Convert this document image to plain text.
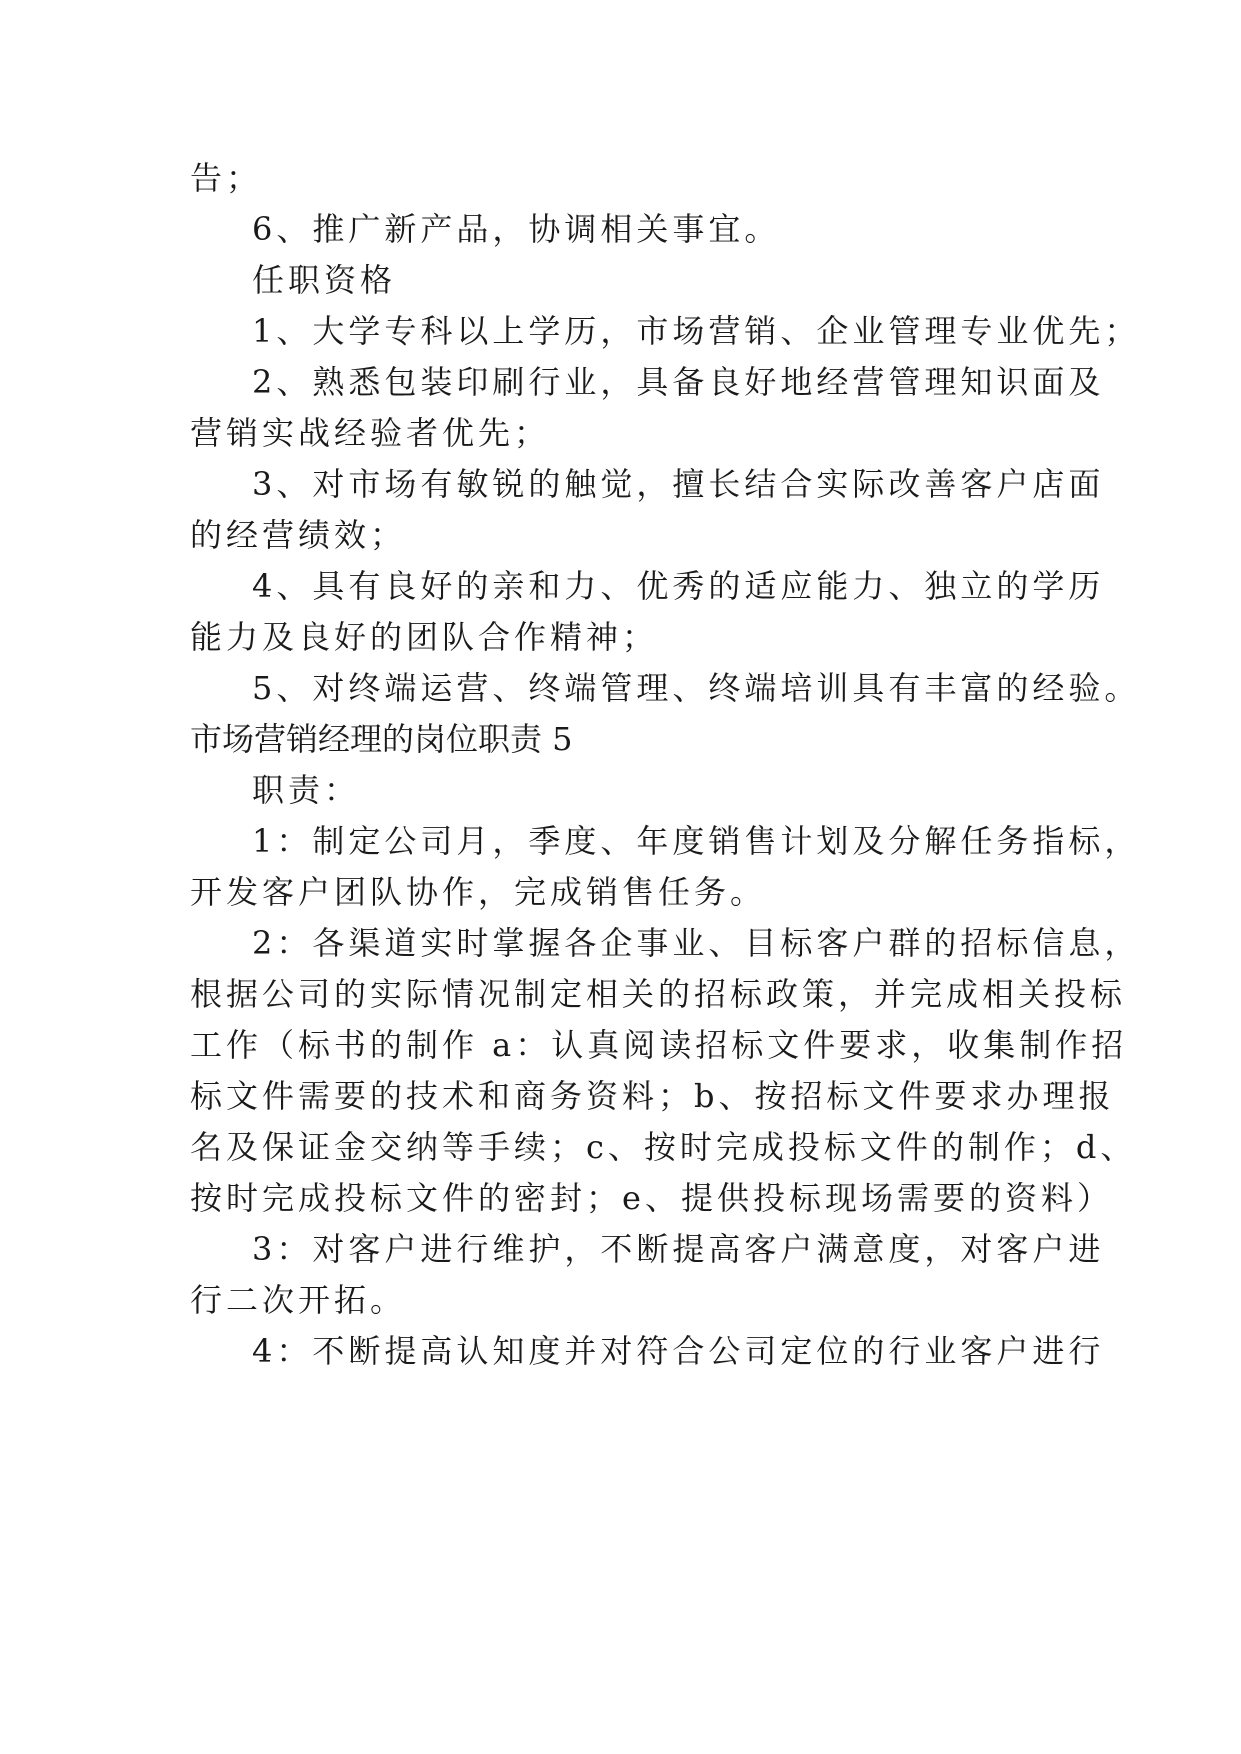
告；
6、推广新产品，协调相关事宜。
任职资格
1、大学专科以上学历，市场营销、企业管理专业优先；
2、熟悉包装印刷行业，具备良好地经营管理知识面及
营销实战经验者优先；
3、对市场有敏锐的触觉，擅长结合实际改善客户店面
的经营绩效；
4、具有良好的亲和力、优秀的适应能力、独立的学历
能力及良好的团队合作精神；
5、对终端运营、终端管理、终端培训具有丰富的经验。
市场营销经理的岗位职责 5
职责：
1：制定公司月，季度、年度销售计划及分解任务指标，
开发客户团队协作，完成销售任务。
2：各渠道实时掌握各企事业、目标客户群的招标信息，
根据公司的实际情况制定相关的招标政策，并完成相关投标
工作（标书的制作 a：认真阅读招标文件要求，收集制作招
标文件需要的技术和商务资料；b、按招标文件要求办理报
名及保证金交纳等手续；c、按时完成投标文件的制作；d、
按时完成投标文件的密封；e、提供投标现场需要的资料）
3：对客户进行维护，不断提高客户满意度，对客户进
行二次开拓。
4：不断提高认知度并对符合公司定位的行业客户进行
